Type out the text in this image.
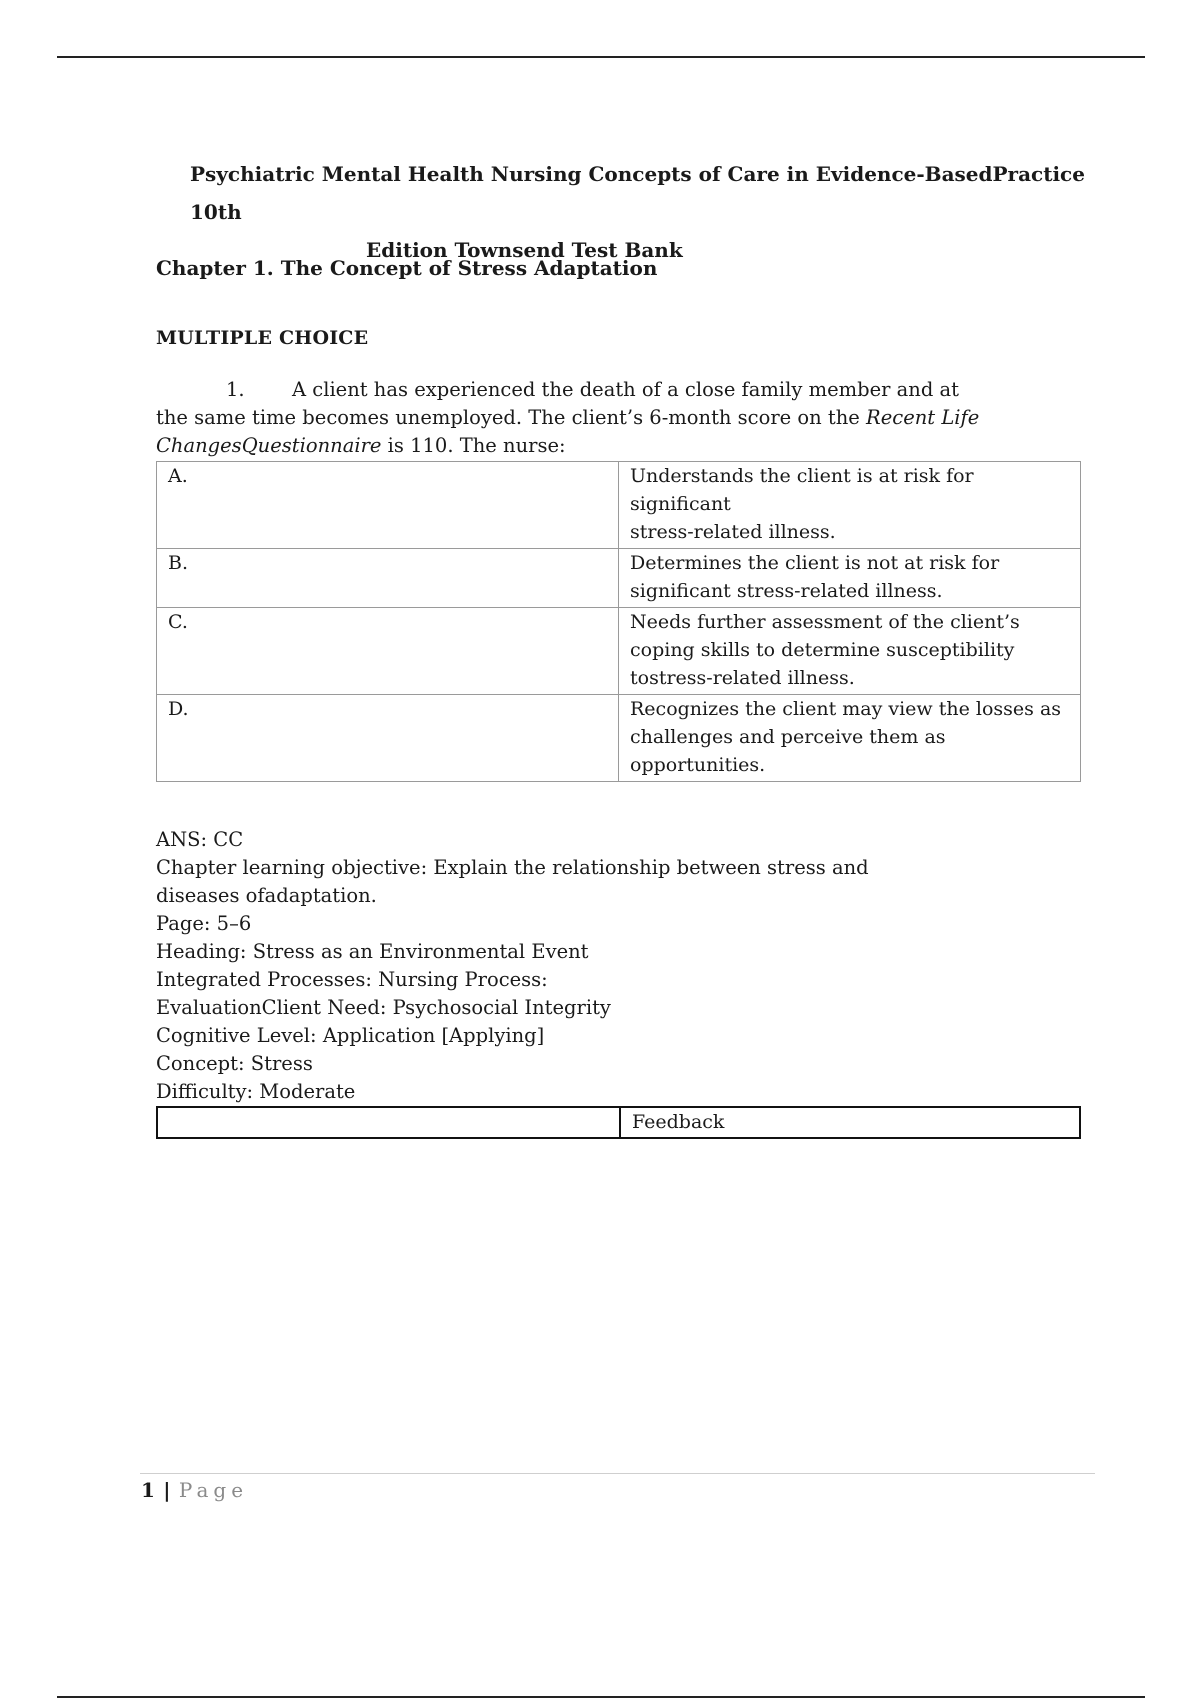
Psychiatric Mental Health Nursing Concepts of Care in Evidence-BasedPractice 10th
Edition Townsend Test Bank
Chapter 1. The Concept of Stress Adaptation
MULTIPLE CHOICE
1. A client has experienced the death of a close family member and at the same time becomes unemployed. The client’s 6-month score on the Recent Life ChangesQuestionnaire is 110. The nurse:
A.	Understands the client is at risk for
significant
stress-related illness.

B.	Determines the client is not at risk for
significant stress-related illness.

C.	Needs further assessment of the client’s
coping skills to determine susceptibility
tostress-related illness.

D.	Recognizes the client may view the losses as
challenges and perceive them as
opportunities.
ANS: CC
Chapter learning objective: Explain the relationship between stress and
diseases ofadaptation.
Page: 5–6
Heading: Stress as an Environmental Event
Integrated Processes: Nursing Process:
EvaluationClient Need: Psychosocial Integrity
Cognitive Level: Application [Applying]
Concept: Stress
Difficulty: Moderate
	Feedback
1 | Page
